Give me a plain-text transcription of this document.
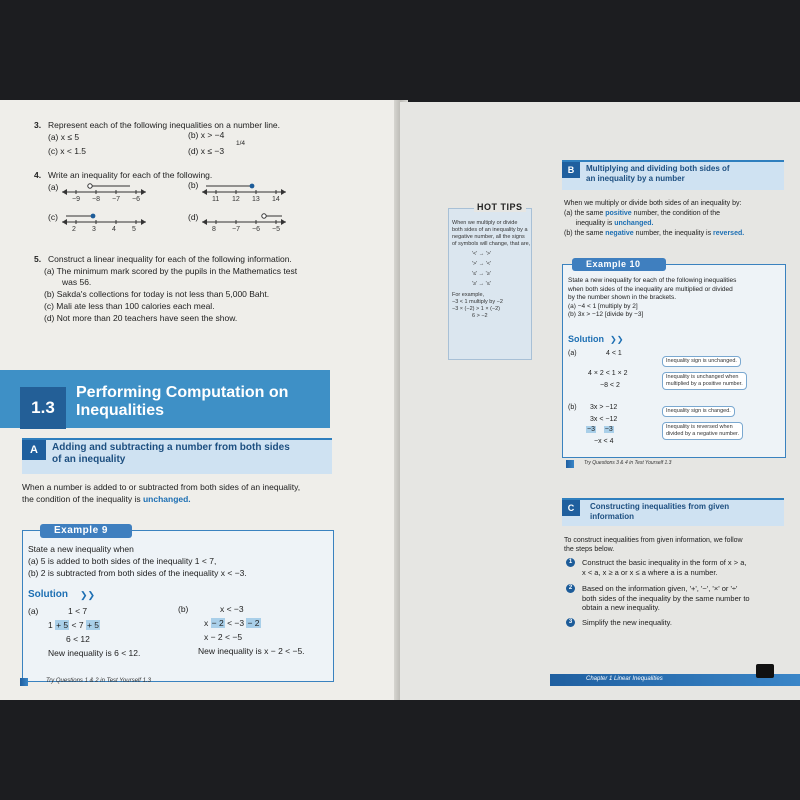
3. Represent each of the following inequalities on a number line.
(a) x ≤ 5	(b) x > −4
(c) x < 1.5	(d) x ≤ −3
1/4
4. Write an inequality for each of the following.
(a)	(b)
(c)	(d)
−9 −8 −7 −6	11 12 13 14
2 3 4 5	8 −7 −6 −5
5. Construct a linear inequality for each of the following information.
(a) The minimum mark scored by the pupils in the Mathematics test
was 56.
(b) Sakda's collections for today is not less than 5,000 Baht.
(c) Mali ate less than 100 calories each meal.
(d) Not more than 20 teachers have seen the show.
1.3
Performing Computation on
Inequalities
A	Adding and subtracting a number from both sides
of an inequality
When a number is added to or subtracted from both sides of an inequality,
the condition of the inequality is unchanged.
Example 9
State a new inequality when
(a) 5 is added to both sides of the inequality 1 < 7,
(b) 2 is subtracted from both sides of the inequality x < −3.
Solution ❯❯
(a)	1 < 7
1 + 5 < 7 + 5
6 < 12
New inequality is 6 < 12.
(b)	x < −3
x − 2 < −3 − 2
x − 2 < −5
New inequality is x − 2 < −5.
Try Questions 1 & 2 in Test Yourself 1.3
B	Multiplying and dividing both sides of
an inequality by a number
When we multiply or divide both sides of an inequality by:
(a) the same positive number, the condition of the
inequality is unchanged.
(b) the same negative number, the inequality is reversed.
HOT TIPS
When we multiply or divide
both sides of an inequality by a
negative number, all the signs
of symbols will change, that are,
'<' → '>'
'>' → '<'
'≤' → '≥'
'≥' → '≤'
For example,
−3 < 1 multiply by −2
−3 × (−2) > 1 × (−2)
6 > −2
Example 10
State a new inequality for each of the following inequalities
when both sides of the inequality are multiplied or divided
by the number shown in the brackets.
(a) −4 < 1 [multiply by 2]
(b) 3x > −12 [divide by −3]
Solution ❯❯
(a)	4 < 1
4 × 2 < 1 × 2
−8 < 2
Inequality sign is unchanged.
Inequality is unchanged when
multiplied by a positive number.
(b) 3x > −12
3x < −12
−3 −3
−x < 4
Inequality sign is changed.
Inequality is reversed when
divided by a negative number.
Try Questions 3 & 4 in Test Yourself 1.3
C	Constructing inequalities from given
information
To construct inequalities from given information, we follow
the steps below.
1	Construct the basic inequality in the form of x > a,
x < a, x ≥ a or x ≤ a where a is a number.
2	Based on the information given, '+', '−', '×' or '÷'
both sides of the inequality by the same number to
obtain a new inequality.
3	Simplify the new inequality.
Chapter 1 Linear Inequalities
